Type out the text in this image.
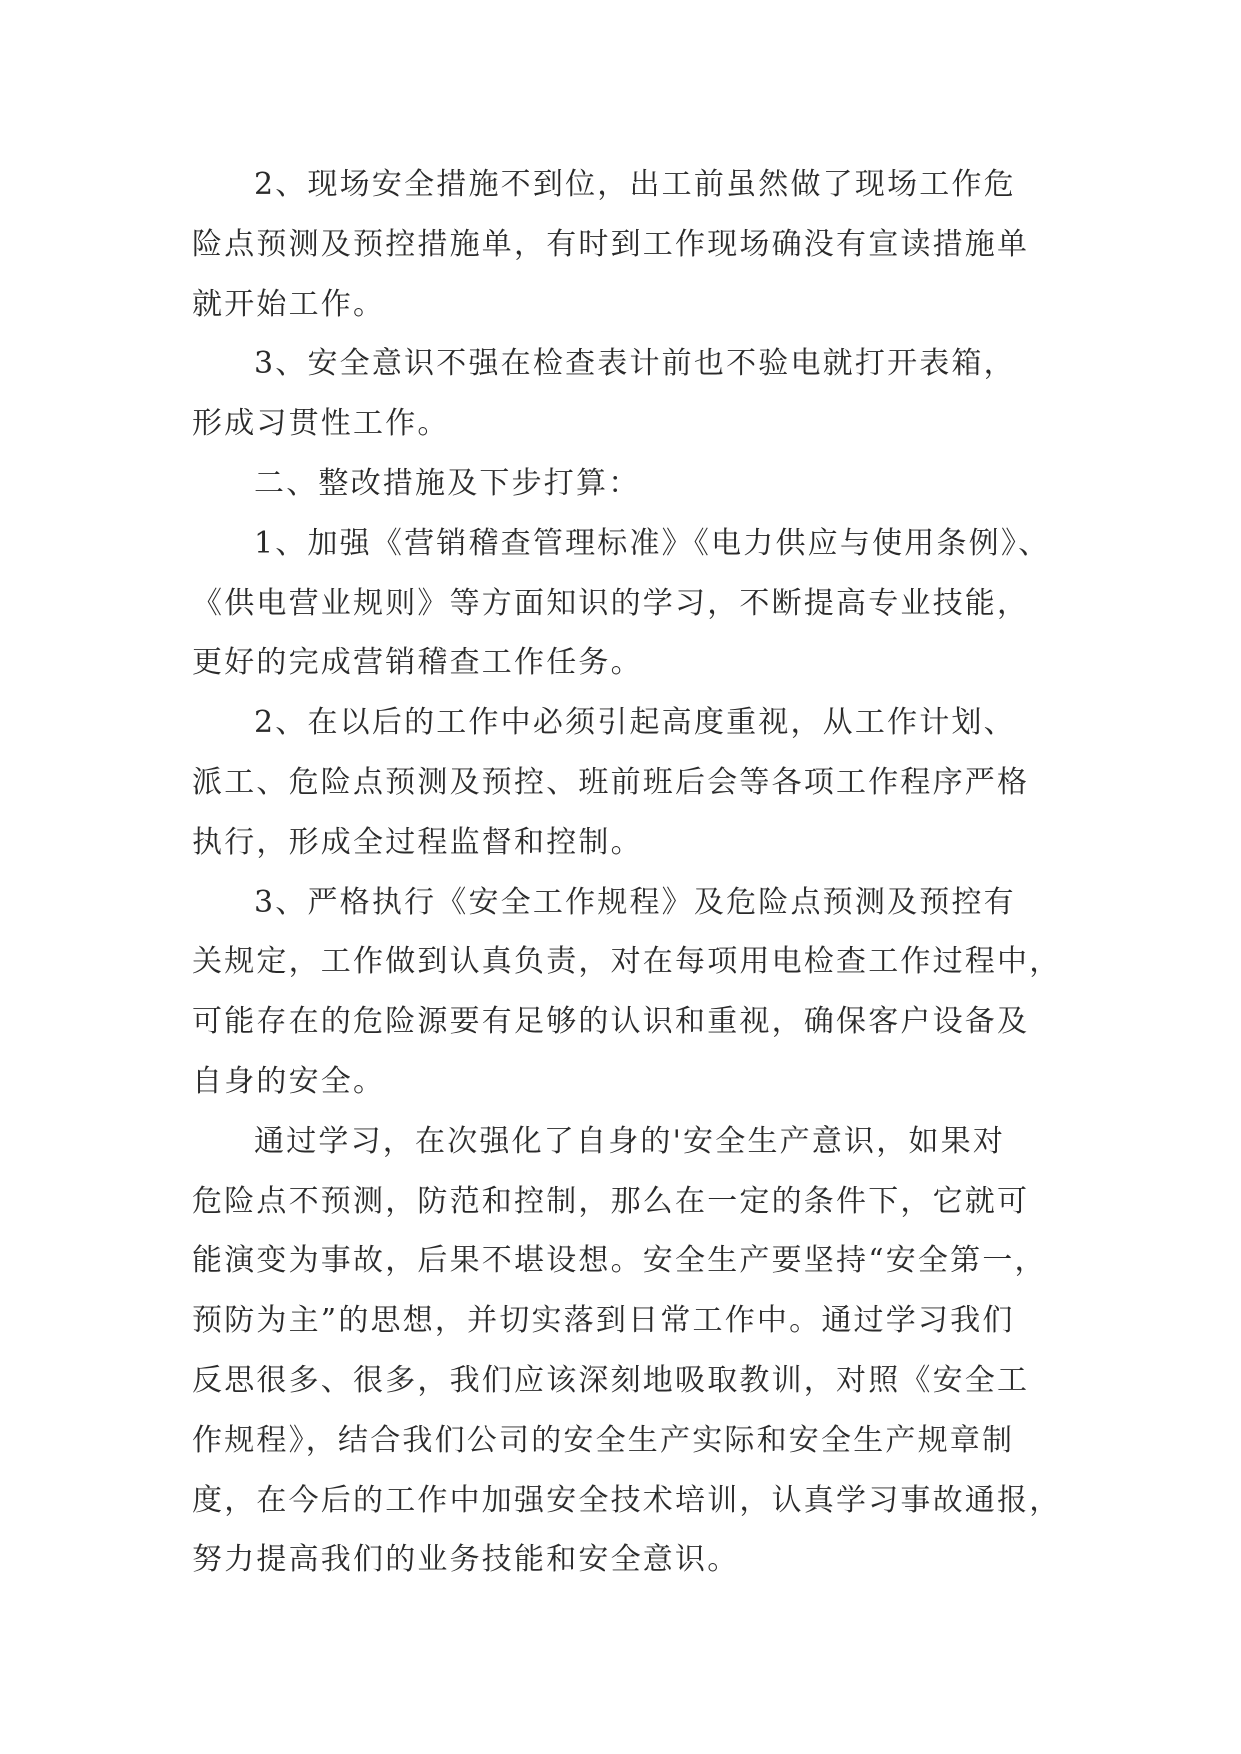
2、现场安全措施不到位，出工前虽然做了现场工作危
险点预测及预控措施单，有时到工作现场确没有宣读措施单
就开始工作。
3、安全意识不强在检查表计前也不验电就打开表箱，
形成习贯性工作。
二、整改措施及下步打算：
1、加强《营销稽查管理标准》《电力供应与使用条例》、
《供电营业规则》等方面知识的学习，不断提高专业技能，
更好的完成营销稽查工作任务。
2、在以后的工作中必须引起高度重视，从工作计划、
派工、危险点预测及预控、班前班后会等各项工作程序严格
执行，形成全过程监督和控制。
3、严格执行《安全工作规程》及危险点预测及预控有
关规定，工作做到认真负责，对在每项用电检查工作过程中，
可能存在的危险源要有足够的认识和重视，确保客户设备及
自身的安全。
通过学习，在次强化了自身的'安全生产意识，如果对
危险点不预测，防范和控制，那么在一定的条件下，它就可
能演变为事故，后果不堪设想。安全生产要坚持“安全第一，
预防为主”的思想，并切实落到日常工作中。通过学习我们
反思很多、很多，我们应该深刻地吸取教训，对照《安全工
作规程》，结合我们公司的安全生产实际和安全生产规章制
度，在今后的工作中加强安全技术培训，认真学习事故通报，
努力提高我们的业务技能和安全意识。
